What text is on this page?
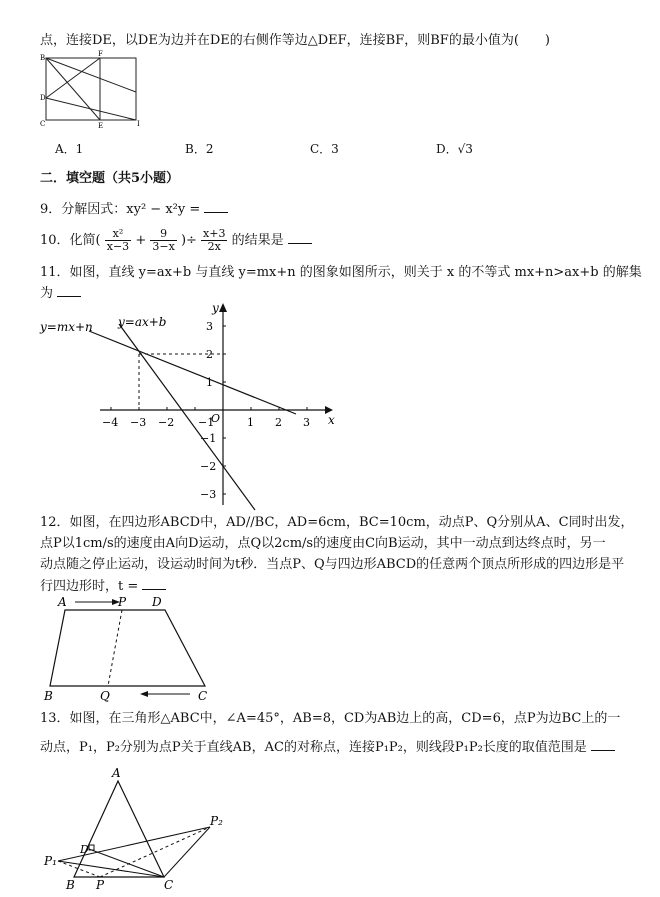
点，连接DE，以DE为边并在DE的右侧作等边△DEF，连接BF，则BF的最小值为(　　)
B	F
D
C	E	I
A．1	B．2	C．3	D．√3
二．填空题（共5小题）
9．分解因式：xy² − x²y =
10．化简( $\frac{\text{x²}}{x-3} + \frac{9}{3-x}$ )÷ $\frac{x+3}{2x}$ 的结果是
11．如图，直线 y=ax+b 与直线 y=mx+n 的图象如图所示，则关于 x 的不等式 mx+n>ax+b 的解集
为
y
x
O
−4 −3 −2 −1	1 2 3
3
2
1
−1
−2
−3
y=mx+n y=ax+b
12．如图，在四边形ABCD中，AD//BC，AD=6cm，BC=10cm，动点P、Q分别从A、C同时出发，
点P以1cm/s的速度由A向D运动，点Q以2cm/s的速度由C向B运动，其中一动点到达终点时，另一
动点随之停止运动，设运动时间为t秒．当点P、Q与四边形ABCD的任意两个顶点所形成的四边形是平
行四边形时，t =
A	P D
B	Q	C
13．如图，在三角形△ABC中，∠A=45°，AB=8，CD为AB边上的高，CD=6，点P为边BC上的一
动点，P₁，P₂分别为点P关于直线AB，AC的对称点，连接P₁P₂，则线段P₁P₂长度的取值范围是
A
D
P₁
P₂
B P	C
